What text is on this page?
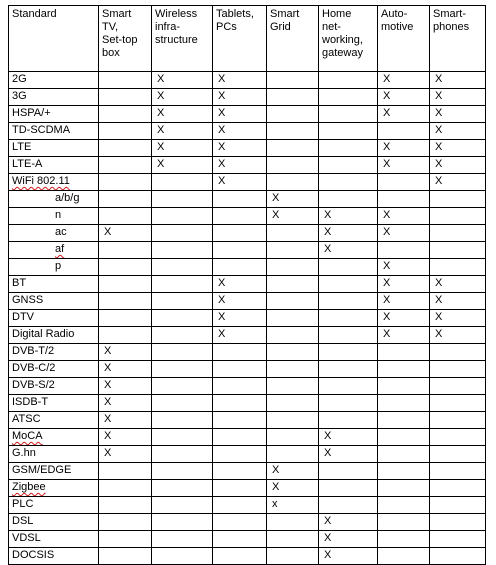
Standard	Smart
TV,
Set-top
box	Wireless
infra-
structure	Tablets,
PCs	Smart
Grid	Home
net-
working,
gateway	Auto-
motive	Smart-
phones
2G		X	X			X	X
3G		X	X			X	X
HSPA/+		X	X			X	X
TD-SCDMA		X	X				X
LTE		X	X			X	X
LTE-A		X	X			X	X
WiFi 802.11			X				X
a/b/g				X			
n				X	X	X	
ac	X				X	X	
af					X		
p						X	
BT			X			X	X
GNSS			X			X	X
DTV			X			X	X
Digital Radio			X			X	X
DVB-T/2	X						
DVB-C/2	X						
DVB-S/2	X						
ISDB-T	X						
ATSC	X						
MoCA	X				X		
G.hn	X				X		
GSM/EDGE				X			
Zigbee				X			
PLC				x			
DSL					X		
VDSL					X		
DOCSIS					X		
